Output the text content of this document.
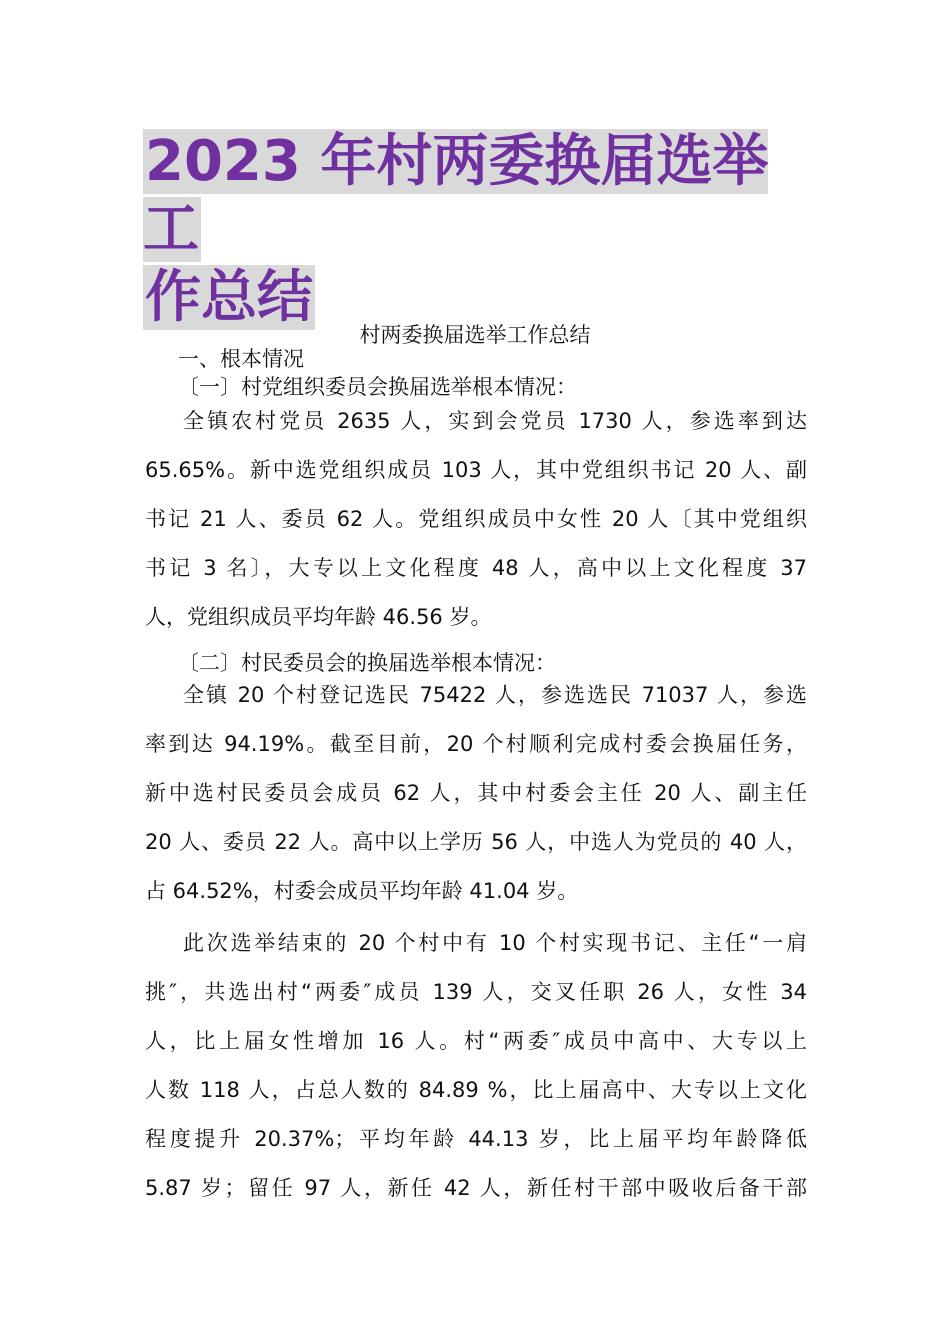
2023 年村两委换届选举工
作总结
村两委换届选举工作总结
一、根本情况
〔一〕村党组织委员会换届选举根本情况：
全镇农村党员 2635 人，实到会党员 1730 人，参选率到达
65.65%。新中选党组织成员 103 人，其中党组织书记 20 人、副
书记 21 人、委员 62 人。党组织成员中女性 20 人〔其中党组织
书记 3 名〕，大专以上文化程度 48 人，高中以上文化程度 37
人，党组织成员平均年龄 46.56 岁。
〔二〕村民委员会的换届选举根本情况：
全镇 20 个村登记选民 75422 人，参选选民 71037 人，参选
率到达 94.19%。截至目前，20 个村顺利完成村委会换届任务，
新中选村民委员会成员 62 人，其中村委会主任 20 人、副主任
20 人、委员 22 人。高中以上学历 56 人，中选人为党员的 40 人，
占 64.52%，村委会成员平均年龄 41.04 岁。
此次选举结束的 20 个村中有 10 个村实现书记、主任“一肩
挑″，共选出村“两委″成员 139 人，交叉任职 26 人，女性 34
人，比上届女性增加 16 人。村“两委″成员中高中、大专以上
人数 118 人，占总人数的 84.89 %，比上届高中、大专以上文化
程度提升 20.37%；平均年龄 44.13 岁，比上届平均年龄降低
5.87 岁；留任 97 人，新任 42 人，新任村干部中吸收后备干部
